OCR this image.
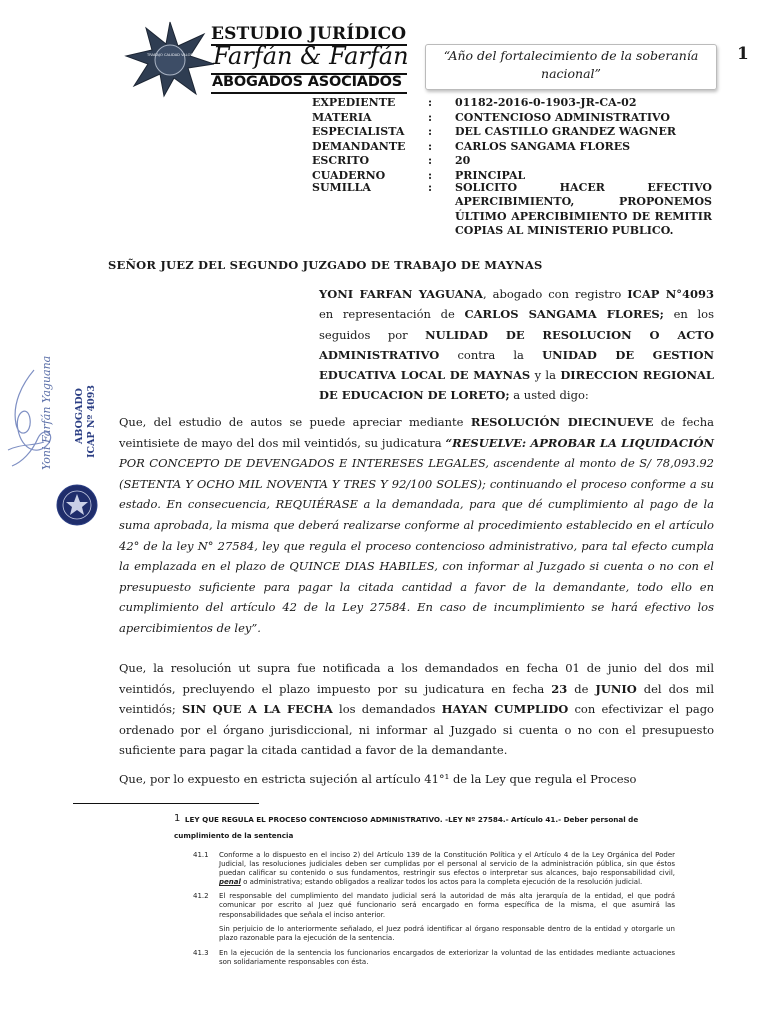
TRABAJO CALIDAD VALOR
ESTUDIO JURÍDICO
Farfán & Farfán
ABOGADOS ASOCIADOS
“Año del fortalecimiento de la soberanía nacional”
1
EXPEDIENTE	: 01182-2016-0-1903-JR-CA-02
MATERIA	: CONTENCIOSO ADMINISTRATIVO
ESPECIALISTA : DEL CASTILLO GRANDEZ WAGNER
DEMANDANTE : CARLOS SANGAMA FLORES
ESCRITO	: 20
CUADERNO	: PRINCIPAL
SUMILLA	: SOLICITO HACER EFECTIVO APERCIBIMIENTO, PROPONEMOS ÚLTIMO APERCIBIMIENTO DE REMITIR COPIAS AL MINISTERIO PUBLICO.
SEÑOR JUEZ DEL SEGUNDO JUZGADO DE TRABAJO DE MAYNAS
YONI FARFAN YAGUANA, abogado con registro ICAP N°4093 en representación de CARLOS SANGAMA FLORES; en los seguidos por NULIDAD DE RESOLUCION O ACTO ADMINISTRATIVO contra la UNIDAD DE GESTION EDUCATIVA LOCAL DE MAYNAS y la DIRECCION REGIONAL DE EDUCACION DE LORETO; a usted digo:
Que, del estudio de autos se puede apreciar mediante RESOLUCIÓN DIECINUEVE de fecha veintisiete de mayo del dos mil veintidós, su judicatura “RESUELVE: APROBAR LA LIQUIDACIÓN POR CONCEPTO DE DEVENGADOS E INTERESES LEGALES, ascendente al monto de S/ 78,093.92 (SETENTA Y OCHO MIL NOVENTA Y TRES Y 92/100 SOLES); continuando el proceso conforme a su estado. En consecuencia, REQUIÉRASE a la demandada, para que dé cumplimiento al pago de la suma aprobada, la misma que deberá realizarse conforme al procedimiento establecido en el artículo 42° de la ley N° 27584, ley que regula el proceso contencioso administrativo, para tal efecto cumpla la emplazada en el plazo de QUINCE DIAS HABILES, con informar al Juzgado si cuenta o no con el presupuesto suficiente para pagar la citada cantidad a favor de la demandante, todo ello en cumplimiento del artículo 42 de la Ley 27584. En caso de incumplimiento se hará efectivo los apercibimientos de ley”.
Que, la resolución ut supra fue notificada a los demandados en fecha 01 de junio del dos mil veintidós, precluyendo el plazo impuesto por su judicatura en fecha 23 de JUNIO del dos mil veintidós; SIN QUE A LA FECHA los demandados HAYAN CUMPLIDO con efectivizar el pago ordenado por el órgano jurisdiccional, ni informar al Juzgado si cuenta o no con el presupuesto suficiente para pagar la citada cantidad a favor de la demandante.
Que, por lo expuesto en estricta sujeción al artículo 41°¹ de la Ley que regula el Proceso
1 LEY QUE REGULA EL PROCESO CONTENCIOSO ADMINISTRATIVO. -LEY Nº 27584.- Artículo 41.- Deber personal de cumplimiento de la sentencia
41.1 Conforme a lo dispuesto en el inciso 2) del Artículo 139 de la Constitución Política y el Artículo 4 de la Ley Orgánica del Poder Judicial, las resoluciones judiciales deben ser cumplidas por el personal al servicio de la administración pública, sin que éstos puedan calificar su contenido o sus fundamentos, restringir sus efectos o interpretar sus alcances, bajo responsabilidad civil, penal o administrativa; estando obligados a realizar todos los actos para la completa ejecución de la resolución judicial.
41.2 El responsable del cumplimiento del mandato judicial será la autoridad de más alta jerarquía de la entidad, el que podrá comunicar por escrito al Juez qué funcionario será encargado en forma específica de la misma, el que asumirá las responsabilidades que señala el inciso anterior.
Sin perjuicio de lo anteriormente señalado, el Juez podrá identificar al órgano responsable dentro de la entidad y otorgarle un plazo razonable para la ejecución de la sentencia.
41.3 En la ejecución de la sentencia los funcionarios encargados de exteriorizar la voluntad de las entidades mediante actuaciones son solidariamente responsables con ésta.
Yoni Farfán Yaguana ABOGADO ICAP Nº 4093
